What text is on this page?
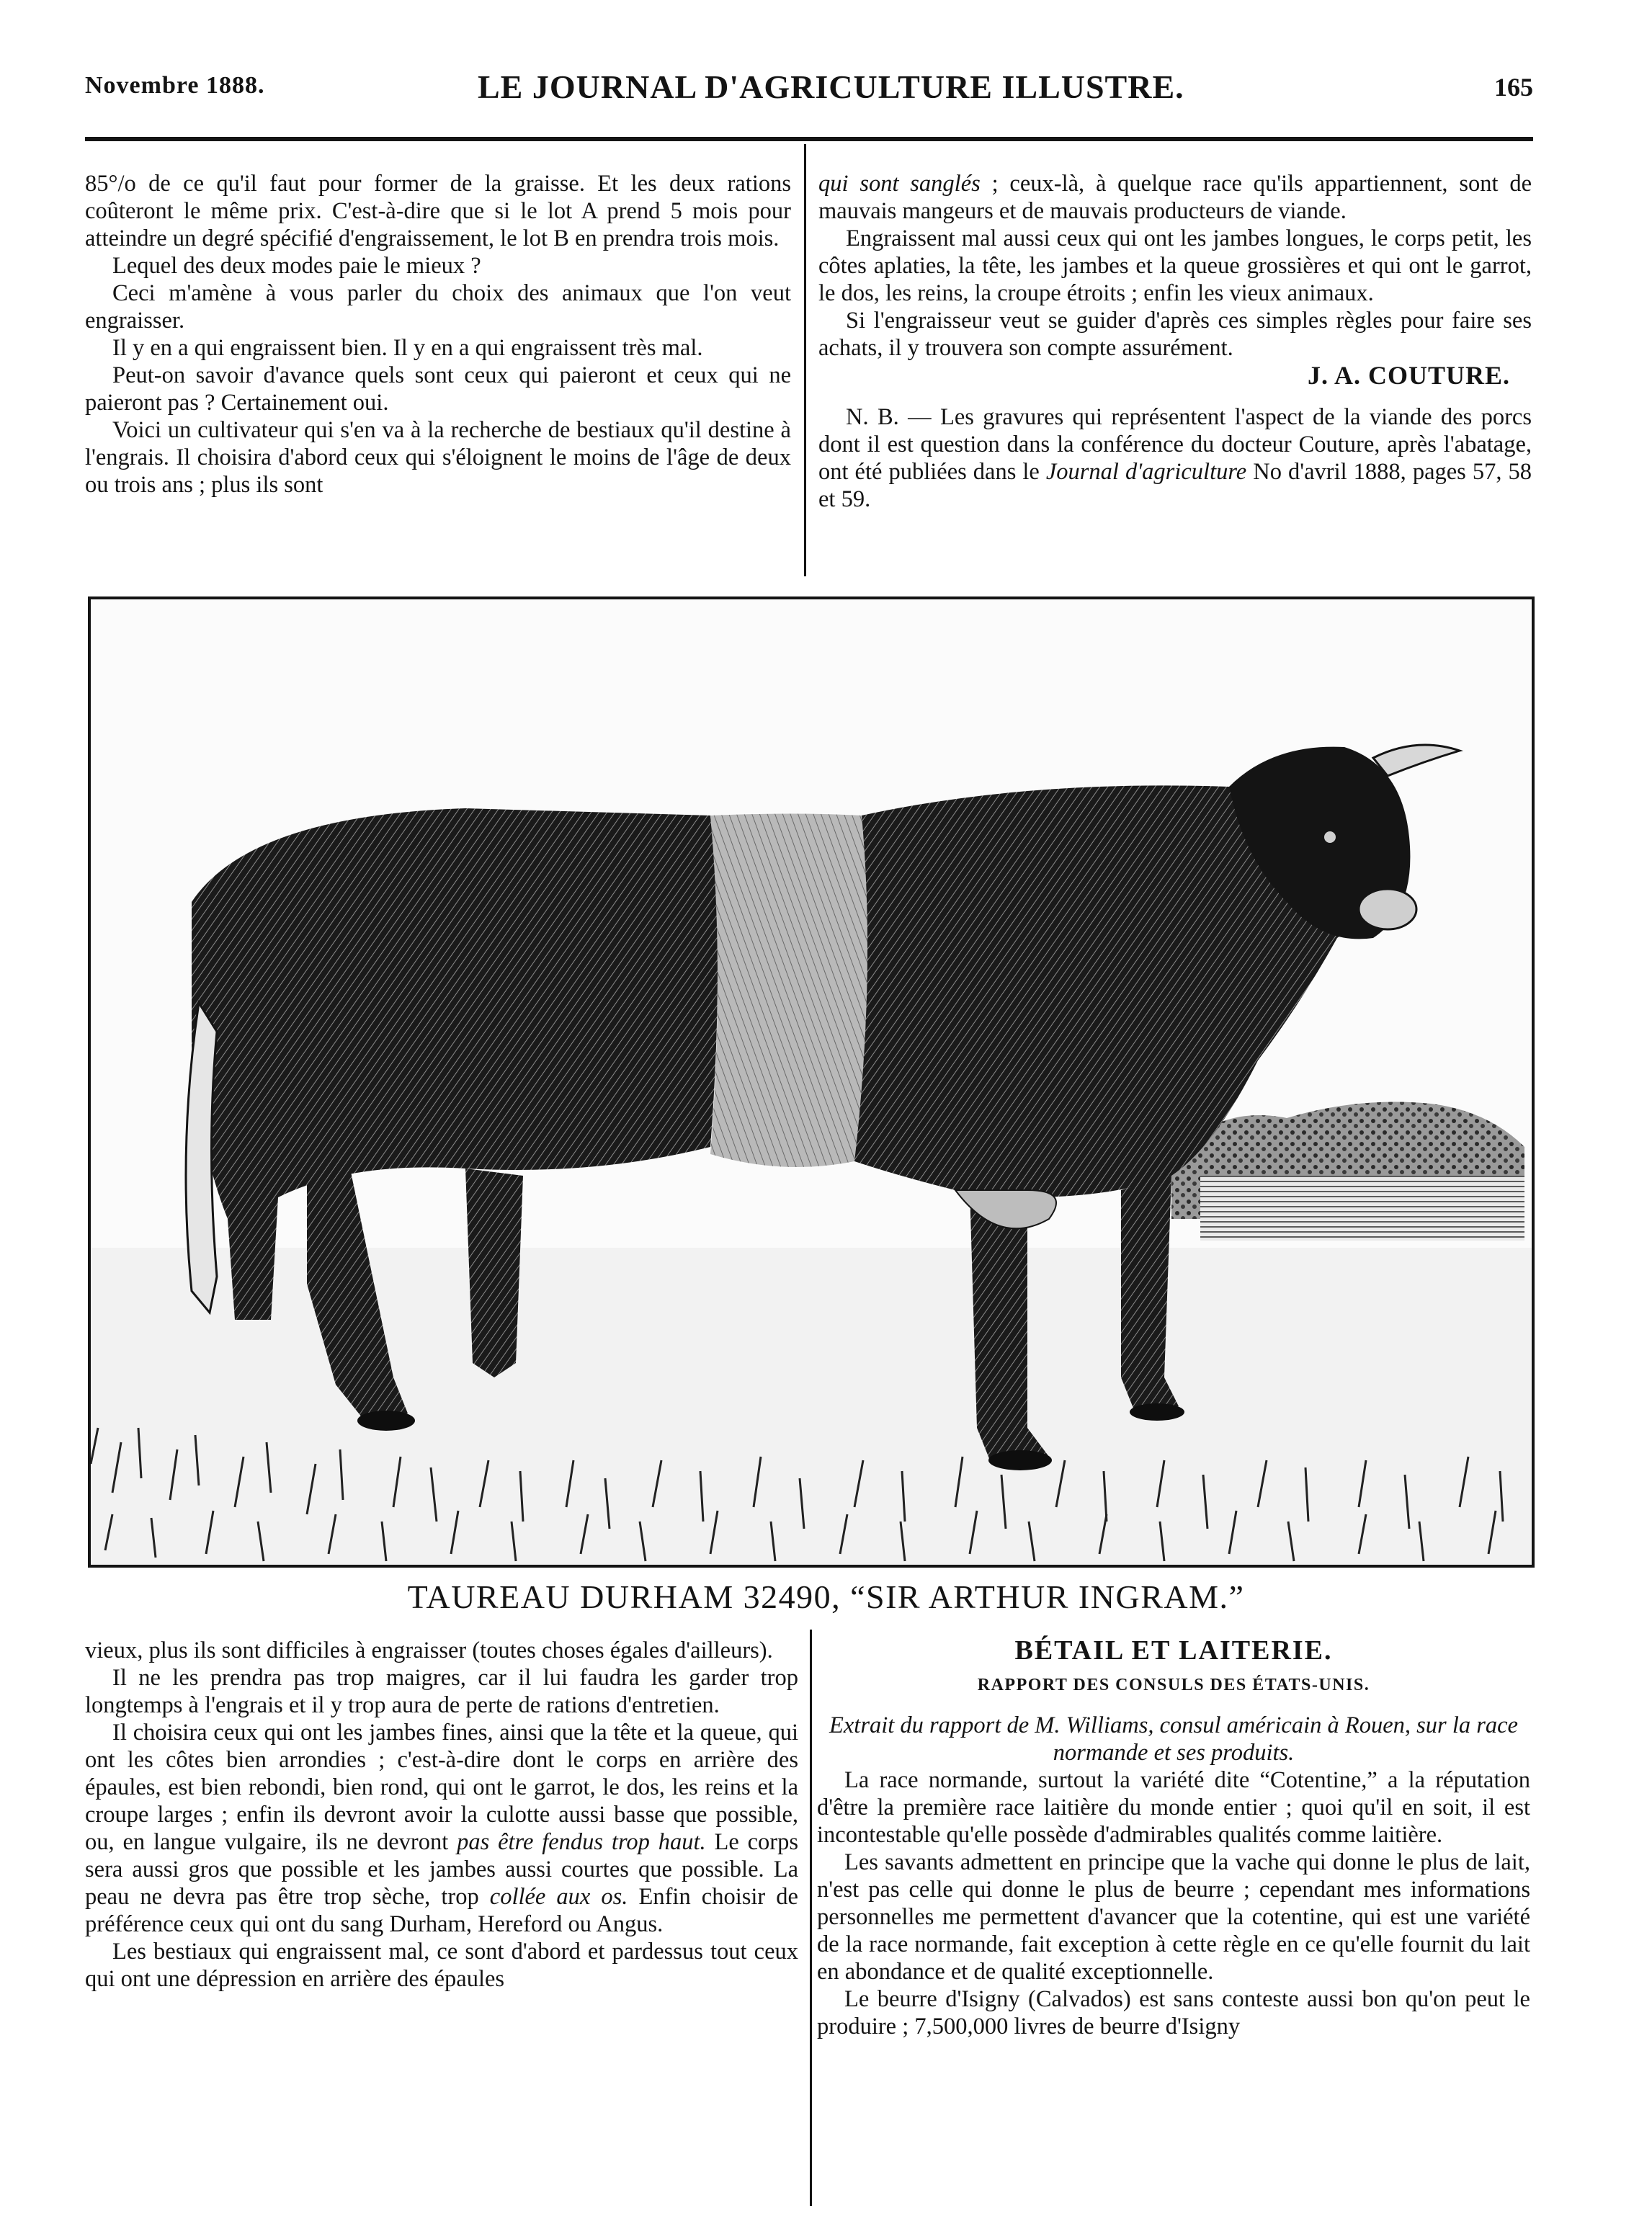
Novembre 1888.	LE JOURNAL D'AGRICULTURE ILLUSTRE.	165

85°/o de ce qu'il faut pour former de la graisse. Et les deux rations coûteront le même prix. C'est-à-dire que si le lot A prend 5 mois pour atteindre un degré spécifié d'engraissement, le lot B en prendra trois mois.

Lequel des deux modes paie le mieux ?

Ceci m'amène à vous parler du choix des animaux que l'on veut engraisser.

Il y en a qui engraissent bien. Il y en a qui engraissent très mal.

Peut-on savoir d'avance quels sont ceux qui paieront et ceux qui ne paieront pas ? Certainement oui.

Voici un cultivateur qui s'en va à la recherche de bestiaux qu'il destine à l'engrais. Il choisira d'abord ceux qui s'éloignent le moins de l'âge de deux ou trois ans ; plus ils sont

qui sont sanglés ; ceux-là, à quelque race qu'ils appartiennent, sont de mauvais mangeurs et de mauvais producteurs de viande.

Engraissent mal aussi ceux qui ont les jambes longues, le corps petit, les côtes aplaties, la tête, les jambes et la queue grossières et qui ont le garrot, le dos, les reins, la croupe étroits ; enfin les vieux animaux.

Si l'engraisseur veut se guider d'après ces simples règles pour faire ses achats, il y trouvera son compte assurément.

J. A. COUTURE.

N. B. — Les gravures qui représentent l'aspect de la viande des porcs dont il est question dans la conférence du docteur Couture, après l'abatage, ont été publiées dans le Journal d'agriculture No d'avril 1888, pages 57, 58 et 59.

TAUREAU DURHAM 32490, “SIR ARTHUR INGRAM.”

vieux, plus ils sont difficiles à engraisser (toutes choses égales d'ailleurs).

Il ne les prendra pas trop maigres, car il lui faudra les garder trop longtemps à l'engrais et il y trop aura de perte de rations d'entretien.

Il choisira ceux qui ont les jambes fines, ainsi que la tête et la queue, qui ont les côtes bien arrondies ; c'est-à-dire dont le corps en arrière des épaules, est bien rebondi, bien rond, qui ont le garrot, le dos, les reins et la croupe larges ; enfin ils devront avoir la culotte aussi basse que possible, ou, en langue vulgaire, ils ne devront pas être fendus trop haut. Le corps sera aussi gros que possible et les jambes aussi courtes que possible. La peau ne devra pas être trop sèche, trop collée aux os. Enfin choisir de préférence ceux qui ont du sang Durham, Hereford ou Angus.

Les bestiaux qui engraissent mal, ce sont d'abord et pardessus tout ceux qui ont une dépression en arrière des épaules

BÉTAIL ET LAITERIE.
RAPPORT DES CONSULS DES ÉTATS-UNIS.

Extrait du rapport de M. Williams, consul américain à Rouen, sur la race normande et ses produits.

La race normande, surtout la variété dite “Cotentine,” a la réputation d'être la première race laitière du monde entier ; quoi qu'il en soit, il est incontestable qu'elle possède d'admirables qualités comme laitière.

Les savants admettent en principe que la vache qui donne le plus de lait, n'est pas celle qui donne le plus de beurre ; cependant mes informations personnelles me permettent d'avancer que la cotentine, qui est une variété de la race normande, fait exception à cette règle en ce qu'elle fournit du lait en abondance et de qualité exceptionnelle.

Le beurre d'Isigny (Calvados) est sans conteste aussi bon qu'on peut le produire ; 7,500,000 livres de beurre d'Isigny
